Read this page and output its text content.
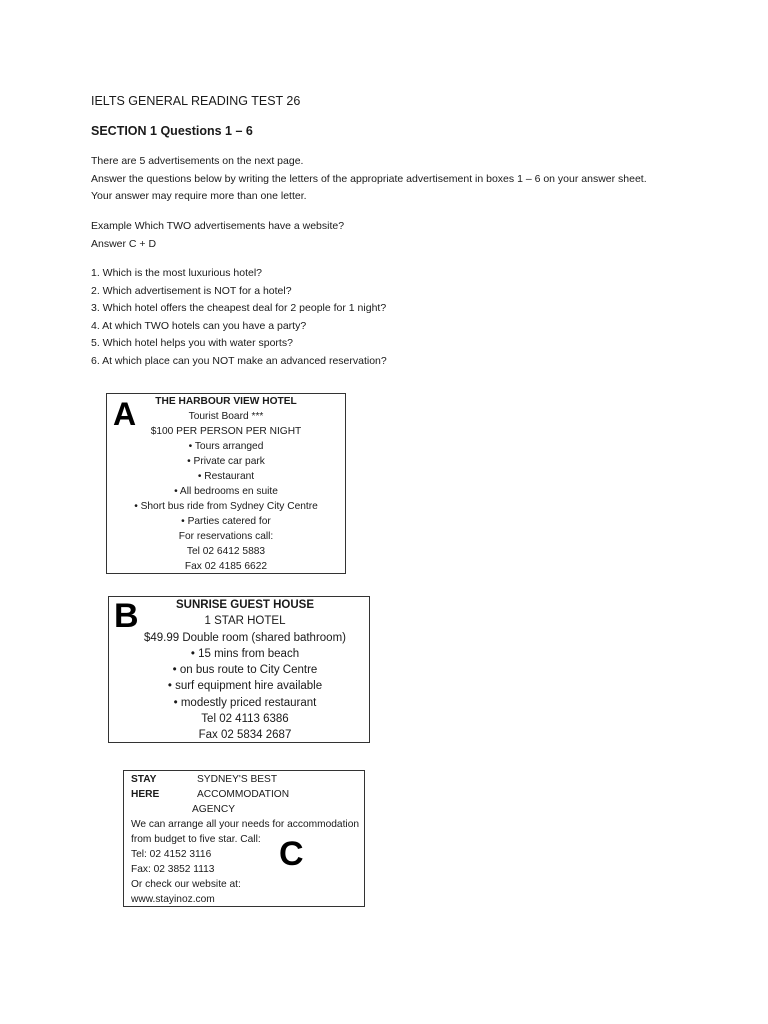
IELTS GENERAL READING TEST 26
SECTION 1 Questions 1 – 6
There are 5 advertisements on the next page.
Answer the questions below by writing the letters of the appropriate advertisement in boxes 1 – 6 on your answer sheet.
Your answer may require more than one letter.
Example Which TWO advertisements have a website?
Answer C + D
1. Which is the most luxurious hotel?
2. Which advertisement is NOT for a hotel?
3. Which hotel offers the cheapest deal for 2 people for 1 night?
4. At which TWO hotels can you have a party?
5. Which hotel helps you with water sports?
6. At which place can you NOT make an advanced reservation?
A	THE HARBOUR VIEW HOTEL
Tourist Board ***
$100 PER PERSON PER NIGHT
• Tours arranged
• Private car park
• Restaurant
• All bedrooms en suite
• Short bus ride from Sydney City Centre
• Parties catered for
For reservations call:
Tel 02 6412 5883
Fax 02 4185 6622
B	SUNRISE GUEST HOUSE
1 STAR HOTEL
$49.99 Double room (shared bathroom)
• 15 mins from beach
• on bus route to City Centre
• surf equipment hire available
• modestly priced restaurant
Tel 02 4113 6386
Fax 02 5834 2687
STAY
HERE
SYDNEY'S BEST
ACCOMMODATION
AGENCY
We can arrange all your needs for accommodation
from budget to five star. Call:
Tel: 02 4152 3116
Fax: 02 3852 1113
Or check our website at:
www.stayinoz.com
C
